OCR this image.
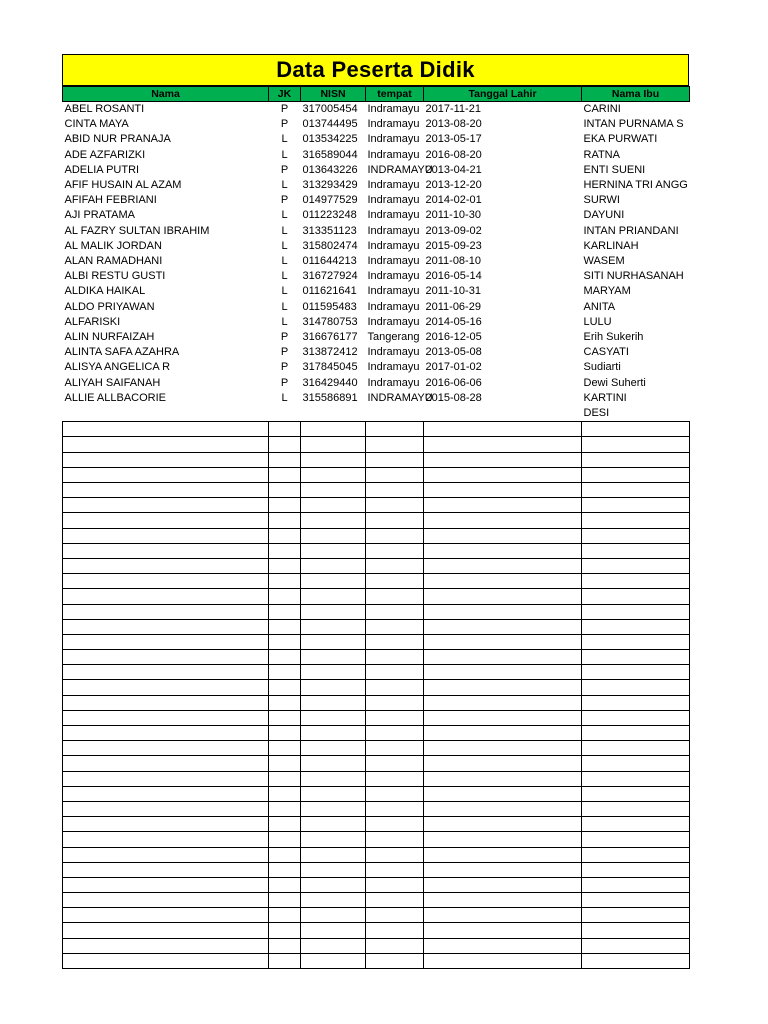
Data Peserta Didik
Nama	JK	NISN	tempat	Tanggal Lahir	Nama Ibu
ABEL ROSANTI	P	317005454	Indramayu	2017-11-21	CARINI
CINTA MAYA	P	013744495	Indramayu	2013-08-20	INTAN PURNAMA S
ABID NUR PRANAJA	L	013534225	Indramayu	2013-05-17	EKA PURWATI
ADE AZFARIZKI	L	316589044	Indramayu	2016-08-20	RATNA
ADELIA PUTRI	P	013643226	INDRAMAYU	2013-04-21	ENTI SUENI
AFIF HUSAIN AL AZAM	L	313293429	Indramayu	2013-12-20	HERNINA TRI ANGG
AFIFAH FEBRIANI	P	014977529	Indramayu	2014-02-01	SURWI
AJI PRATAMA	L	011223248	Indramayu	2011-10-30	DAYUNI
AL FAZRY SULTAN IBRAHIM	L	313351123	Indramayu	2013-09-02	INTAN PRIANDANI
AL MALIK JORDAN	L	315802474	Indramayu	2015-09-23	KARLINAH
ALAN RAMADHANI	L	011644213	Indramayu	2011-08-10	WASEM
ALBI RESTU GUSTI	L	316727924	Indramayu	2016-05-14	SITI NURHASANAH
ALDIKA HAIKAL	L	011621641	Indramayu	2011-10-31	MARYAM
ALDO PRIYAWAN	L	011595483	Indramayu	2011-06-29	ANITA
ALFARISKI	L	314780753	Indramayu	2014-05-16	LULU
ALIN NURFAIZAH	P	316676177	Tangerang	2016-12-05	Erih Sukerih
ALINTA SAFA AZAHRA	P	313872412	Indramayu	2013-05-08	CASYATI
ALISYA ANGELICA R	P	317845045	Indramayu	2017-01-02	Sudiarti
ALIYAH SAIFANAH	P	316429440	Indramayu	2016-06-06	Dewi Suherti
ALLIE ALLBACORIE	L	315586891	INDRAMAYU	2015-08-28	KARTINI
					DESI
